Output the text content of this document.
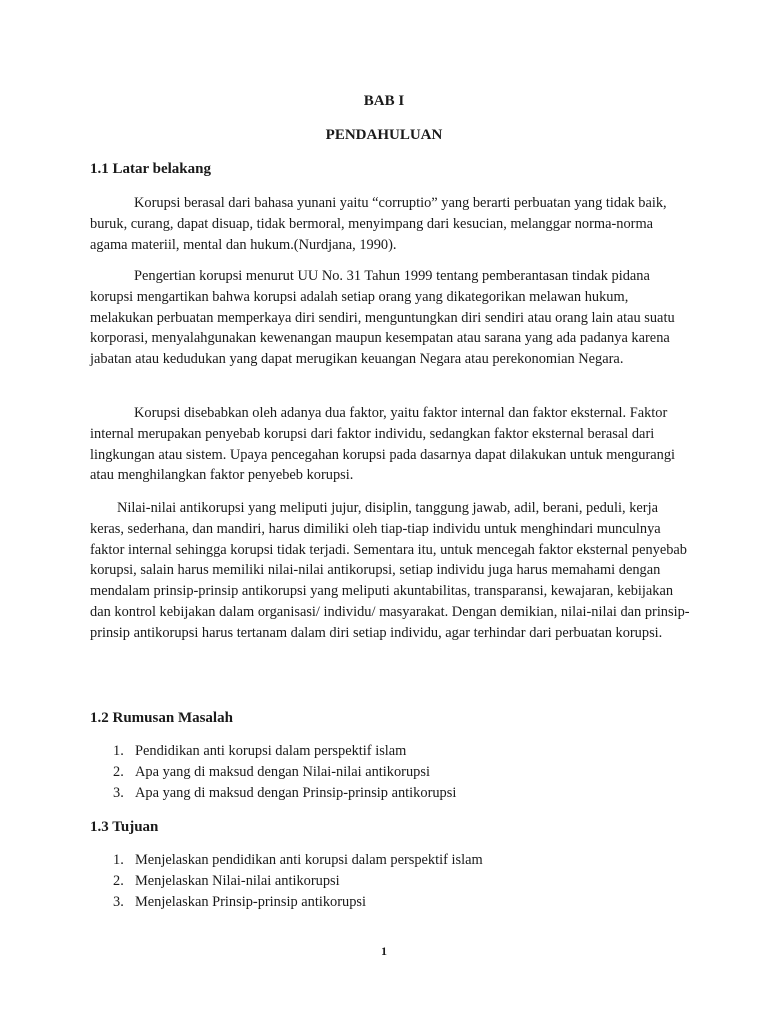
BAB I
PENDAHULUAN
1.1 Latar belakang

Korupsi berasal dari bahasa yunani yaitu “corruptio” yang berarti perbuatan yang tidak baik, buruk, curang, dapat disuap, tidak bermoral, menyimpang dari kesucian, melanggar norma-norma agama materiil, mental dan hukum.(Nurdjana, 1990).

Pengertian korupsi menurut UU No. 31 Tahun 1999 tentang pemberantasan tindak pidana korupsi mengartikan bahwa korupsi adalah setiap orang yang dikategorikan melawan hukum, melakukan perbuatan memperkaya diri sendiri, menguntungkan diri sendiri atau orang lain atau suatu korporasi, menyalahgunakan kewenangan maupun kesempatan atau sarana yang ada padanya karena jabatan atau kedudukan yang dapat merugikan keuangan Negara atau perekonomian Negara.

Korupsi disebabkan oleh adanya dua faktor, yaitu faktor internal dan faktor eksternal. Faktor internal merupakan penyebab korupsi dari faktor individu, sedangkan faktor eksternal berasal dari lingkungan atau sistem. Upaya pencegahan korupsi pada dasarnya dapat dilakukan untuk mengurangi atau menghilangkan faktor penyebeb korupsi.

Nilai-nilai antikorupsi yang meliputi jujur, disiplin, tanggung jawab, adil, berani, peduli, kerja keras, sederhana, dan mandiri, harus dimiliki oleh tiap-tiap individu untuk menghindari munculnya faktor internal sehingga korupsi tidak terjadi. Sementara itu, untuk mencegah faktor eksternal penyebab korupsi, salain harus memiliki nilai-nilai antikorupsi, setiap individu juga harus memahami dengan mendalam prinsip-prinsip antikorupsi yang meliputi akuntabilitas, transparansi, kewajaran, kebijakan dan kontrol kebijakan dalam organisasi/ individu/ masyarakat. Dengan demikian, nilai-nilai dan prinsip-prinsip antikorupsi harus tertanam dalam diri setiap individu, agar terhindar dari perbuatan korupsi.

1.2 Rumusan Masalah
1. Pendidikan anti korupsi dalam perspektif islam
2. Apa yang di maksud dengan Nilai-nilai antikorupsi
3. Apa yang di maksud dengan Prinsip-prinsip antikorupsi
1.3 Tujuan
1. Menjelaskan pendidikan anti korupsi dalam perspektif islam
2. Menjelaskan Nilai-nilai antikorupsi
3. Menjelaskan Prinsip-prinsip antikorupsi
1
